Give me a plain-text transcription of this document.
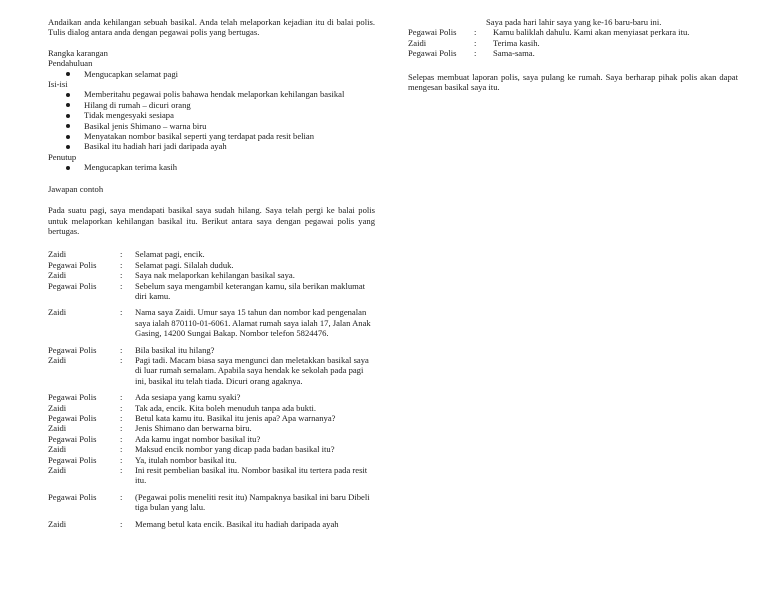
Andaikan anda kehilangan sebuah basikal. Anda telah melaporkan kejadian itu di balai polis. Tulis dialog antara anda dengan pegawai polis yang bertugas.

Rangka karangan

Pendahuluan

Mengucapkan selamat pagi

Isi-isi

Memberitahu pegawai polis bahawa hendak melaporkan kehilangan basikal
Hilang di rumah – dicuri orang
Tidak mengesyaki sesiapa
Basikal jenis Shimano – warna biru
Menyatakan nombor basikal seperti yang terdapat pada resit belian
Basikal itu hadiah hari jadi daripada ayah

Penutup

Mengucapkan terima kasih

Jawapan contoh

Pada suatu pagi, saya mendapati basikal saya sudah hilang. Saya telah pergi ke balai polis untuk melaporkan kehilangan basikal itu. Berikut antara saya dengan pegawai polis yang bertugas.

Zaidi	:	Selamat pagi, encik.
Pegawai Polis	:	Selamat pagi. Silalah duduk.
Zaidi	:	Saya nak melaporkan kehilangan basikal saya.
Pegawai Polis	:	Sebelum saya mengambil keterangan kamu, sila berikan maklumat diri kamu.
Zaidi	:	Nama saya Zaidi. Umur saya 15 tahun dan nombor kad pengenalan saya ialah 870110-01-6061. Alamat rumah saya ialah 17, Jalan Anak Gasing, 14200 Sungai Bakap. Nombor telefon 5824476.
Pegawai Polis	:	Bila basikal itu hilang?
Zaidi	:	Pagi tadi. Macam biasa saya mengunci dan meletakkan basikal saya di luar rumah semalam. Apabila saya hendak ke sekolah pada pagi ini, basikal itu telah tiada. Dicuri orang agaknya.
Pegawai Polis	:	Ada sesiapa yang kamu syaki?
Zaidi	:	Tak ada, encik. Kita boleh menuduh tanpa ada bukti.
Pegawai Polis	:	Betul kata kamu itu. Basikal itu jenis apa? Apa warnanya?
Zaidi	:	Jenis Shimano dan berwarna biru.
Pegawai Polis	:	Ada kamu ingat nombor basikal itu?
Zaidi	:	Maksud encik nombor yang dicap pada badan basikal itu?
Pegawai Polis	:	Ya, itulah nombor basikal itu.
Zaidi	:	Ini resit pembelian basikal itu. Nombor basikal itu tertera pada resit itu.
Pegawai Polis	:	(Pegawai polis meneliti resit itu) Nampaknya basikal ini baru Dibeli tiga bulan yang lalu.
Zaidi	:	Memang betul kata encik. Basikal itu hadiah daripada ayah

Saya pada hari lahir saya yang ke-16 baru-baru ini.

Pegawai Polis	:	Kamu baliklah dahulu. Kami akan menyiasat perkara itu.
Zaidi	:	Terima kasih.
Pegawai Polis	:	Sama-sama.

Selepas membuat laporan polis, saya pulang ke rumah. Saya berharap pihak polis akan dapat mengesan basikal saya itu.
